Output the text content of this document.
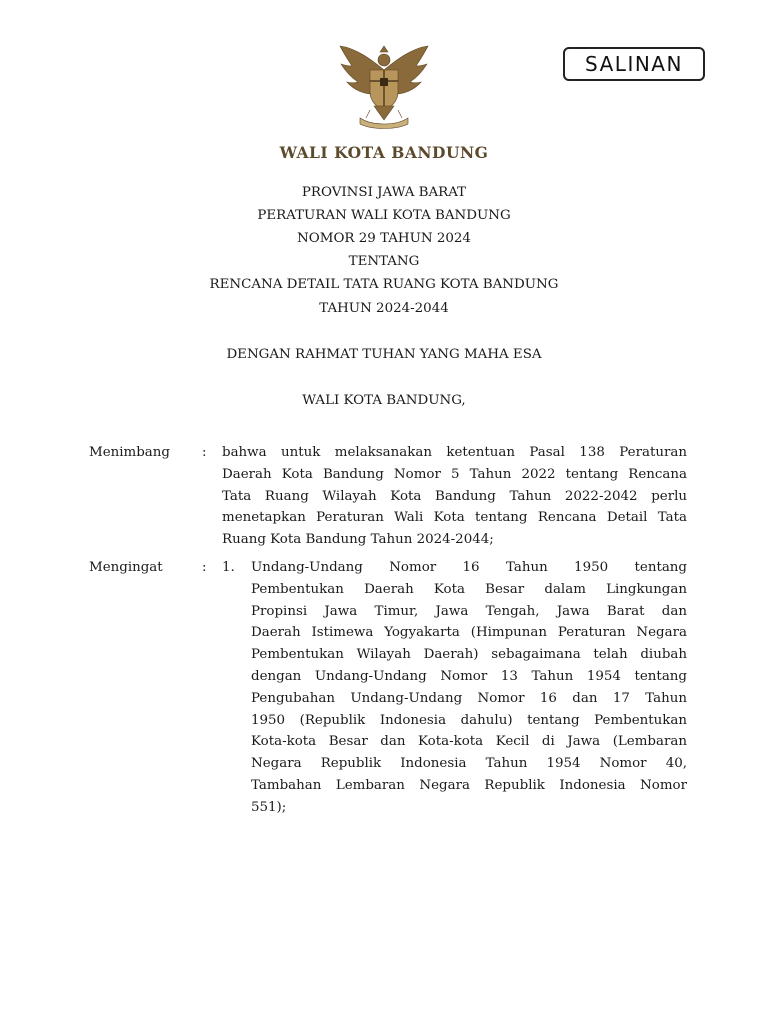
SALINAN
WALI KOTA BANDUNG
PROVINSI JAWA BARAT
PERATURAN WALI KOTA BANDUNG
NOMOR 29 TAHUN 2024
TENTANG
RENCANA DETAIL TATA RUANG KOTA BANDUNG
TAHUN 2024-2044
DENGAN RAHMAT TUHAN YANG MAHA ESA
WALI KOTA BANDUNG,
Menimbang : bahwa untuk melaksanakan ketentuan Pasal 138 Peraturan
Daerah Kota Bandung Nomor 5 Tahun 2022 tentang Rencana
Tata Ruang Wilayah Kota Bandung Tahun 2022-2042 perlu
menetapkan Peraturan Wali Kota tentang Rencana Detail Tata
Ruang Kota Bandung Tahun 2024-2044;
Mengingat	: 1. Undang-Undang Nomor 16 Tahun 1950 tentang
Pembentukan Daerah Kota Besar dalam Lingkungan
Propinsi Jawa Timur, Jawa Tengah, Jawa Barat dan
Daerah Istimewa Yogyakarta (Himpunan Peraturan Negara
Pembentukan Wilayah Daerah) sebagaimana telah diubah
dengan Undang-Undang Nomor 13 Tahun 1954 tentang
Pengubahan Undang-Undang Nomor 16 dan 17 Tahun
1950 (Republik Indonesia dahulu) tentang Pembentukan
Kota-kota Besar dan Kota-kota Kecil di Jawa (Lembaran
Negara Republik Indonesia Tahun 1954 Nomor 40,
Tambahan Lembaran Negara Republik Indonesia Nomor
551);
